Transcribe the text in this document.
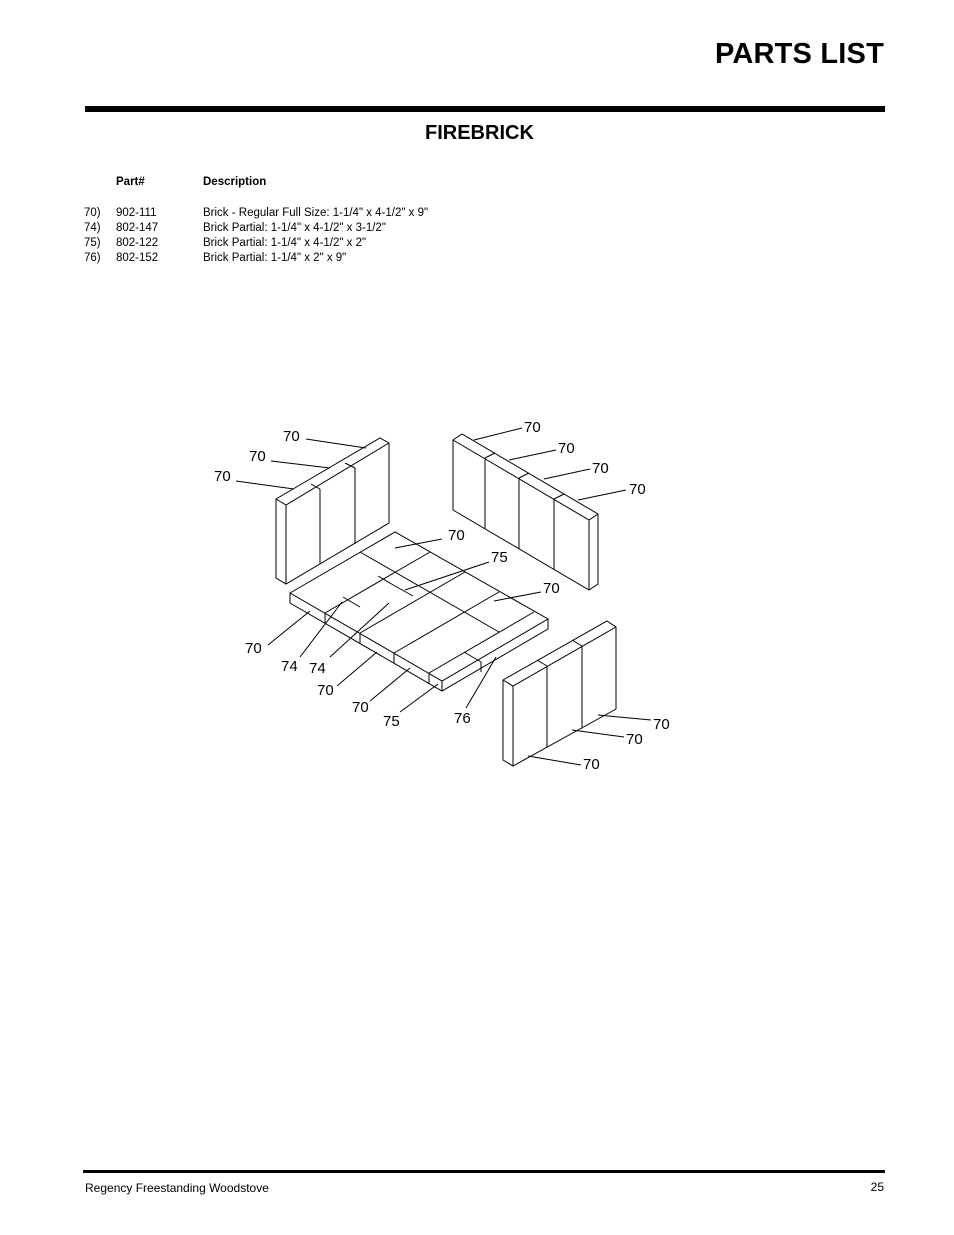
PARTS LIST
FIREBRICK
Part#	Description
70) 902-111	Brick - Regular Full Size: 1-1/4" x 4-1/2" x 9"
74) 802-147	Brick Partial: 1-1/4" x 4-1/2" x 3-1/2"
75) 802-122	Brick Partial: 1-1/4" x 4-1/2" x 2"
76) 802-152	Brick Partial: 1-1/4" x 2" x 9"
70
70
70
70
70
70
70
70
75
70
70
74 74
70
70
75	76	70
70
70
Regency Freestanding Woodstove	25
